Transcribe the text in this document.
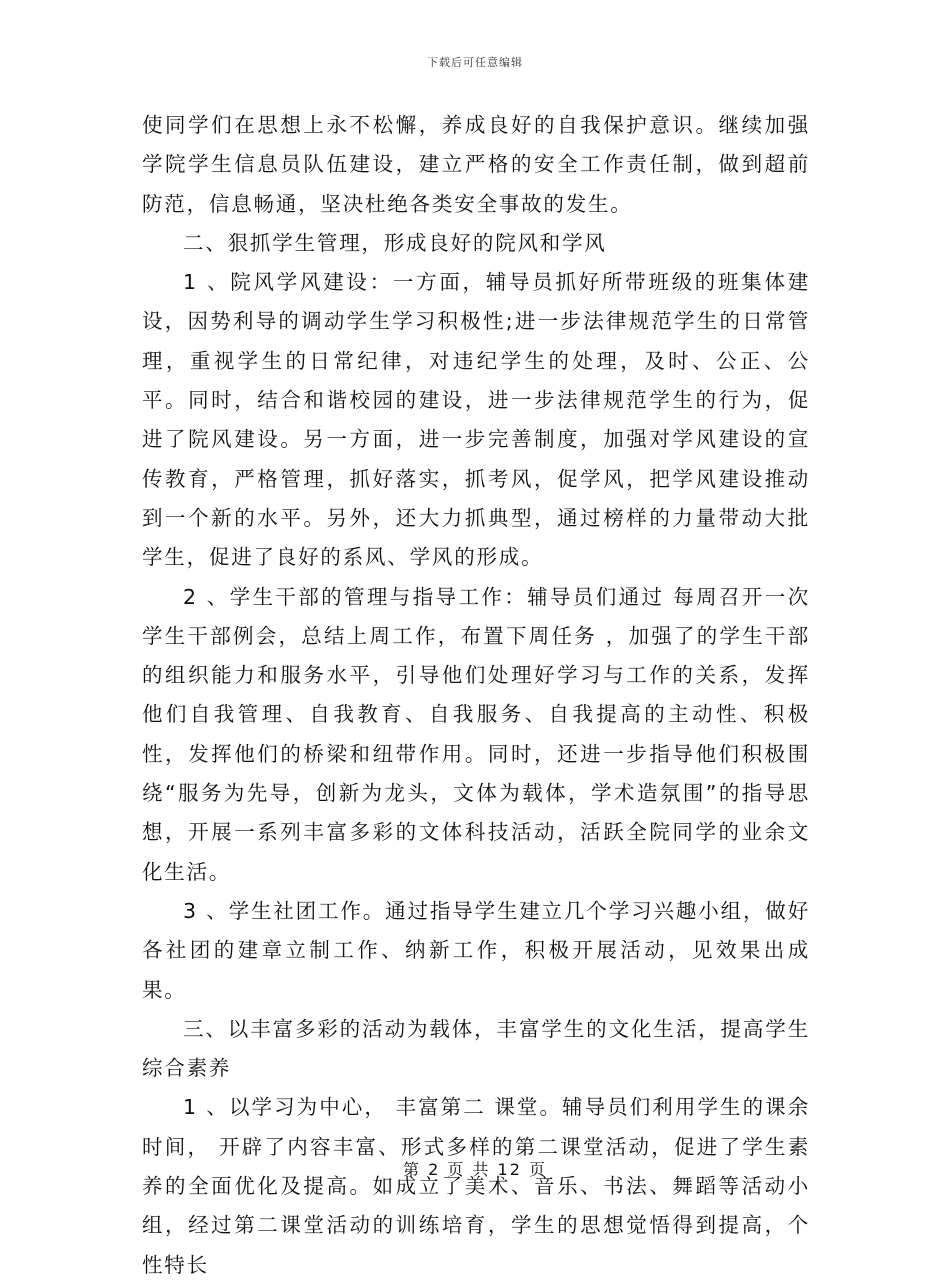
下载后可任意编辑

使同学们在思想上永不松懈，养成良好的自我保护意识。继续加强学院学生信息员队伍建设，建立严格的安全工作责任制，做到超前防范，信息畅通，坚决杜绝各类安全事故的发生。

二、狠抓学生管理，形成良好的院风和学风

1 、院风学风建设：一方面，辅导员抓好所带班级的班集体建设，因势利导的调动学生学习积极性;进一步法律规范学生的日常管理，重视学生的日常纪律，对违纪学生的处理，及时、公正、公平。同时，结合和谐校园的建设，进一步法律规范学生的行为，促进了院风建设。另一方面，进一步完善制度，加强对学风建设的宣传教育，严格管理，抓好落实，抓考风，促学风，把学风建设推动到一个新的水平。另外，还大力抓典型，通过榜样的力量带动大批学生，促进了良好的系风、学风的形成。

2 、学生干部的管理与指导工作：辅导员们通过 每周召开一次学生干部例会，总结上周工作，布置下周任务 ，加强了的学生干部的组织能力和服务水平，引导他们处理好学习与工作的关系，发挥他们自我管理、自我教育、自我服务、自我提高的主动性、积极性，发挥他们的桥梁和纽带作用。同时，还进一步指导他们积极围绕“服务为先导，创新为龙头，文体为载体，学术造氛围”的指导思想，开展一系列丰富多彩的文体科技活动，活跃全院同学的业余文化生活。

3 、学生社团工作。通过指导学生建立几个学习兴趣小组，做好各社团的建章立制工作、纳新工作，积极开展活动，见效果出成果。

三、以丰富多彩的活动为载体，丰富学生的文化生活，提高学生综合素养

1 、以学习为中心， 丰富第二 课堂。辅导员们利用学生的课余时间， 开辟了内容丰富、形式多样的第二课堂活动，促进了学生素养的全面优化及提高。如成立了美术、音乐、书法、舞蹈等活动小组，经过第二课堂活动的训练培育，学生的思想觉悟得到提高，个性特长

第 2 页 共 12 页
